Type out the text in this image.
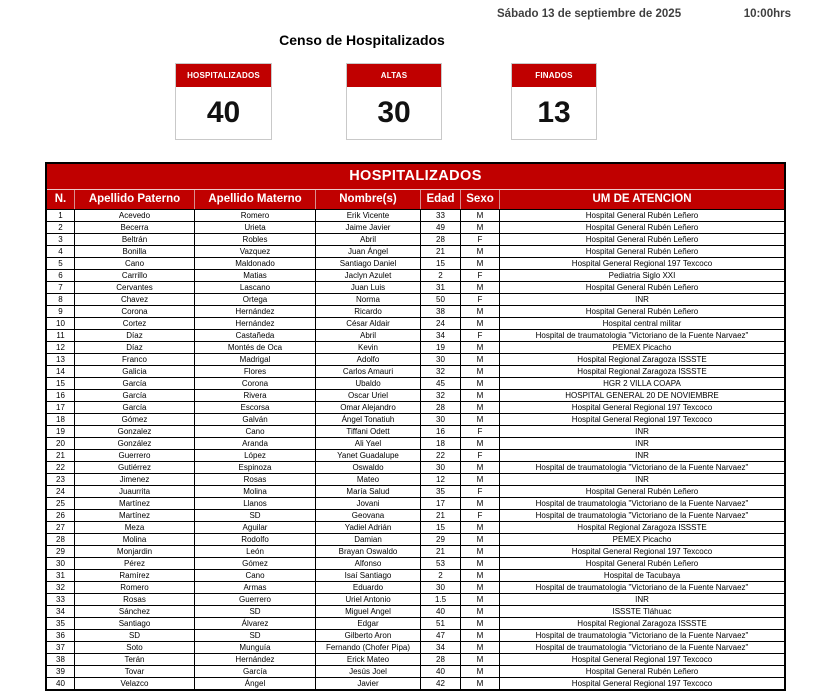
Sábado 13 de septiembre de 2025	10:00hrs
Censo de Hospitalizados
HOSPITALIZADOS
40
ALTAS
30
FINADOS
13
HOSPITALIZADOS
N.	Apellido Paterno	Apellido Materno	Nombre(s)	Edad	Sexo	UM DE ATENCION
1	Acevedo	Romero	Erik Vicente	33	M	Hospital General Rubén Leñero
2	Becerra	Urieta	Jaime Javier	49	M	Hospital General Rubén Leñero
3	Beltrán	Robles	Abril	28	F	Hospital General Rubén Leñero
4	Bonilla	Vazquez	Juan Ángel	21	M	Hospital General Rubén Leñero
5	Cano	Maldonado	Santiago Daniel	15	M	Hospital General Regional 197 Texcoco
6	Carrillo	Matias	Jaclyn Azulet	2	F	Pediatria Siglo XXI
7	Cervantes	Lascano	Juan Luis	31	M	Hospital General Rubén Leñero
8	Chavez	Ortega	Norma	50	F	INR
9	Corona	Hernández	Ricardo	38	M	Hospital General Rubén Leñero
10	Cortez	Hernández	César Aldair	24	M	Hospital central militar
11	Díaz	Castañeda	Abril	34	F	Hospital de traumatologia "Victoriano de la Fuente Narvaez"
12	Díaz	Montés de Oca	Kevin	19	M	PEMEX Picacho
13	Franco	Madrigal	Adolfo	30	M	Hospital Regional Zaragoza ISSSTE
14	Galicia	Flores	Carlos Amauri	32	M	Hospital Regional Zaragoza ISSSTE
15	García	Corona	Ubaldo	45	M	HGR 2 VILLA COAPA
16	García	Rivera	Oscar Uriel	32	M	HOSPITAL GENERAL 20 DE NOVIEMBRE
17	García	Escorsa	Omar Alejandro	28	M	Hospital General Regional 197 Texcoco
18	Gómez	Galván	Ángel Tonatiuh	30	M	Hospital General Regional 197 Texcoco
19	Gonzalez	Cano	Tiffani Odett	16	F	INR
20	González	Aranda	Ali Yael	18	M	INR
21	Guerrero	López	Yanet Guadalupe	22	F	INR
22	Gutiérrez	Espinoza	Oswaldo	30	M	Hospital de traumatologia "Victoriano de la Fuente Narvaez"
23	Jimenez	Rosas	Mateo	12	M	INR
24	Juaurrita	Molina	María Salud	35	F	Hospital General Rubén Leñero
25	Martínez	Llanos	Jovani	17	M	Hospital de traumatologia "Victoriano de la Fuente Narvaez"
26	Martínez	SD	Geovana	21	F	Hospital de traumatologia "Victoriano de la Fuente Narvaez"
27	Meza	Aguilar	Yadiel Adrián	15	M	Hospital Regional Zaragoza ISSSTE
28	Molina	Rodolfo	Damian	29	M	PEMEX Picacho
29	Monjardin	León	Brayan Oswaldo	21	M	Hospital General Regional 197 Texcoco
30	Pérez	Gómez	Alfonso	53	M	Hospital General Rubén Leñero
31	Ramírez	Cano	Isaí Santiago	2	M	Hospital de Tacubaya
32	Romero	Armas	Eduardo	30	M	Hospital de traumatologia "Victoriano de la Fuente Narvaez"
33	Rosas	Guerrero	Uriel Antonio	1.5	M	INR
34	Sánchez	SD	Miguel Angel	40	M	ISSSTE Tláhuac
35	Santiago	Álvarez	Edgar	51	M	Hospital Regional Zaragoza ISSSTE
36	SD	SD	Gilberto Aron	47	M	Hospital de traumatologia "Victoriano de la Fuente Narvaez"
37	Soto	Munguía	Fernando (Chofer Pipa)	34	M	Hospital de traumatologia "Victoriano de la Fuente Narvaez"
38	Terán	Hernández	Erick Mateo	28	M	Hospital General Regional 197 Texcoco
39	Tovar	García	Jesús Joel	40	M	Hospital General Rubén Leñero
40	Velazco	Ángel	Javier	42	M	Hospital General Regional 197 Texcoco
